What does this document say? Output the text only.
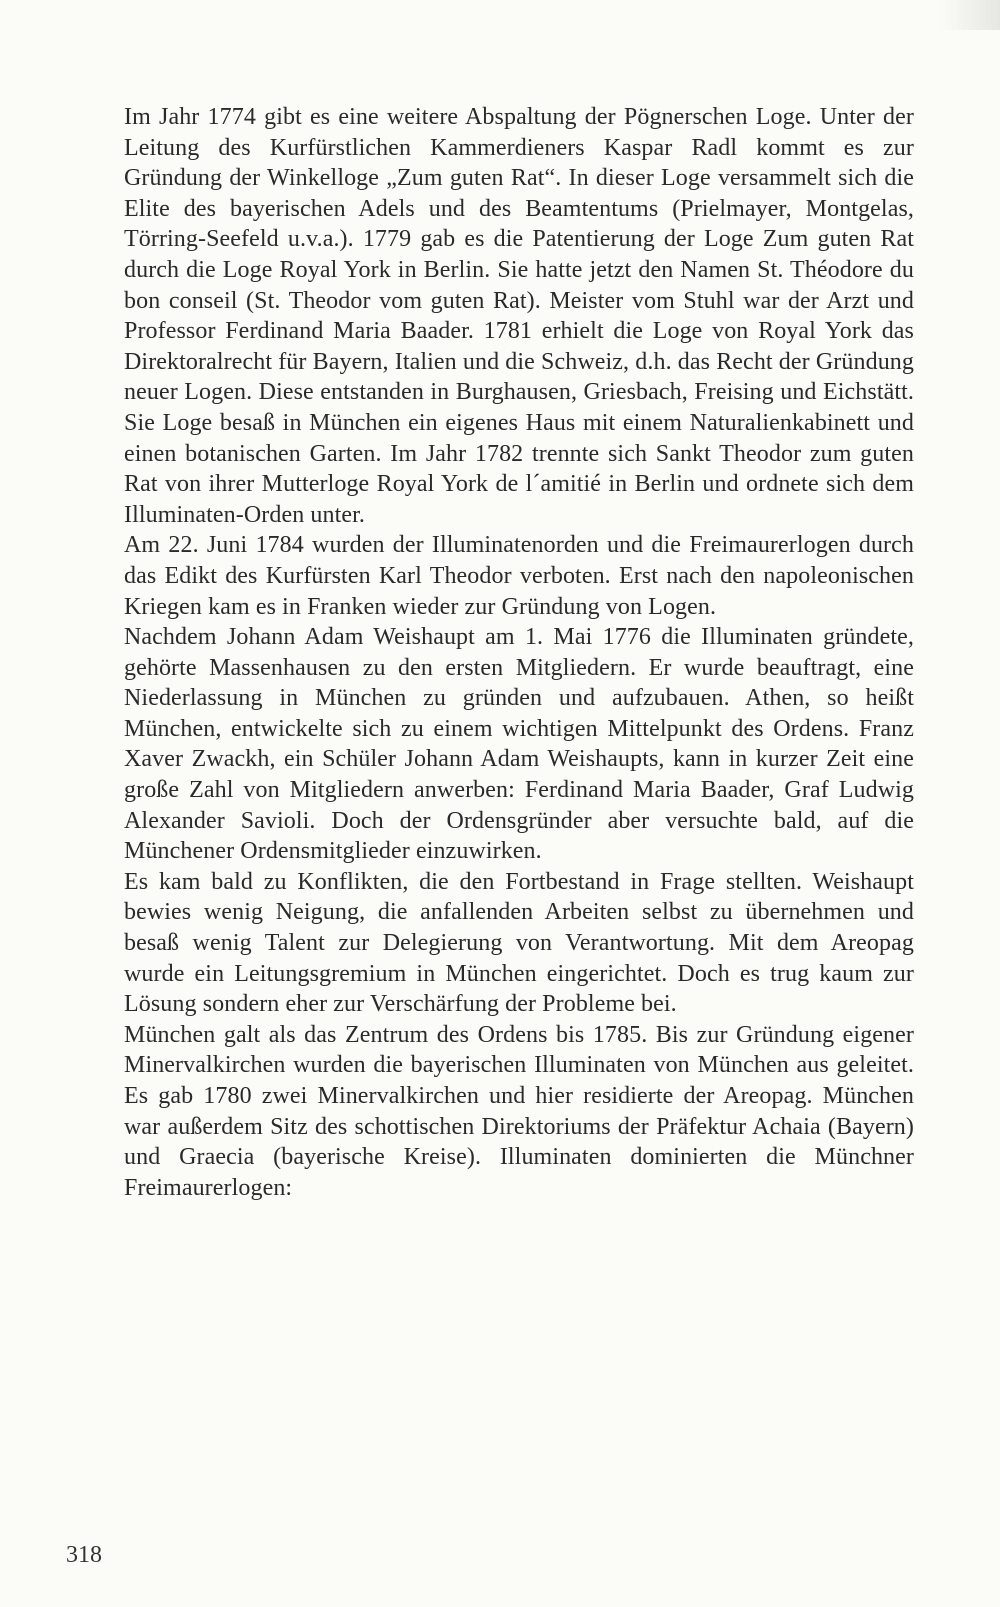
Im Jahr 1774 gibt es eine weitere Abspaltung der Pögnerschen Loge. Unter der Leitung des Kurfürstlichen Kammerdieners Kaspar Radl kommt es zur Gründung der Winkelloge „Zum guten Rat“. In dieser Loge versammelt sich die Elite des bayerischen Adels und des Beamtentums (Prielmayer, Montgelas, Törring-Seefeld u.v.a.). 1779 gab es die Patentierung der Loge Zum guten Rat durch die Loge Royal York in Berlin. Sie hatte jetzt den Namen St. Théodore du bon conseil (St. Theodor vom guten Rat). Meister vom Stuhl war der Arzt und Professor Ferdinand Maria Baader. 1781 erhielt die Loge von Royal York das Direktoralrecht für Bayern, Italien und die Schweiz, d.h. das Recht der Gründung neuer Logen. Diese entstanden in Burghausen, Griesbach, Freising und Eichstätt. Sie Loge besaß in München ein eigenes Haus mit einem Naturalienkabinett und einen botanischen Garten. Im Jahr 1782 trennte sich Sankt Theodor zum guten Rat von ihrer Mutterloge Royal York de l´amitié in Berlin und ordnete sich dem Illuminaten-Orden unter.

Am 22. Juni 1784 wurden der Illuminatenorden und die Freimaurerlogen durch das Edikt des Kurfürsten Karl Theodor verboten. Erst nach den napoleonischen Kriegen kam es in Franken wieder zur Gründung von Logen.

Nachdem Johann Adam Weishaupt am 1. Mai 1776 die Illuminaten gründete, gehörte Massenhausen zu den ersten Mitgliedern. Er wurde beauftragt, eine Niederlassung in München zu gründen und aufzubauen. Athen, so heißt München, entwickelte sich zu einem wichtigen Mittelpunkt des Ordens. Franz Xaver Zwackh, ein Schüler Johann Adam Weishaupts, kann in kurzer Zeit eine große Zahl von Mitgliedern anwerben: Ferdinand Maria Baader, Graf Ludwig Alexander Savioli. Doch der Ordensgründer aber versuchte bald, auf die Münchener Ordensmitglieder einzuwirken.

Es kam bald zu Konflikten, die den Fortbestand in Frage stellten. Weishaupt bewies wenig Neigung, die anfallenden Arbeiten selbst zu übernehmen und besaß wenig Talent zur Delegierung von Verantwortung. Mit dem Areopag wurde ein Leitungsgremium in München eingerichtet. Doch es trug kaum zur Lösung sondern eher zur Verschärfung der Probleme bei.

München galt als das Zentrum des Ordens bis 1785. Bis zur Gründung eigener Minervalkirchen wurden die bayerischen Illuminaten von München aus geleitet. Es gab 1780 zwei Minervalkirchen und hier residierte der Areopag. München war außerdem Sitz des schottischen Direktoriums der Präfektur Achaia (Bayern) und Graecia (bayerische Kreise). Illuminaten dominierten die Münchner Freimaurerlogen:

318
